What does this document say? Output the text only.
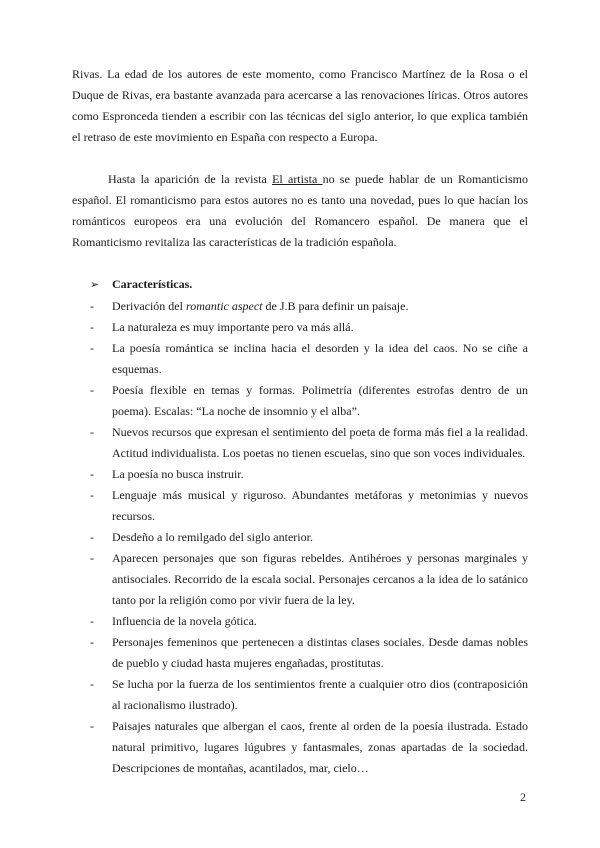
Rivas. La edad de los autores de este momento, como Francisco Martínez de la Rosa o el Duque de Rivas, era bastante avanzada para acercarse a las renovaciones líricas. Otros autores como Espronceda tienden a escribir con las técnicas del siglo anterior, lo que explica también el retraso de este movimiento en España con respecto a Europa.

Hasta la aparición de la revista El artista no se puede hablar de un Romanticismo español. El romanticismo para estos autores no es tanto una novedad, pues lo que hacían los románticos europeos era una evolución del Romancero español. De manera que el Romanticismo revitaliza las características de la tradición española.

➢ Características.
- Derivación del romantic aspect de J.B para definir un paisaje.
- La naturaleza es muy importante pero va más allá.
- La poesía romántica se inclina hacia el desorden y la idea del caos. No se ciñe a esquemas.
- Poesía flexible en temas y formas. Polimetría (diferentes estrofas dentro de un poema). Escalas: “La noche de insomnio y el alba”.
- Nuevos recursos que expresan el sentimiento del poeta de forma más fiel a la realidad. Actitud individualista. Los poetas no tienen escuelas, sino que son voces individuales.
- La poesía no busca instruir.
- Lenguaje más musical y riguroso. Abundantes metáforas y metonimias y nuevos recursos.
- Desdeño a lo remilgado del siglo anterior.
- Aparecen personajes que son figuras rebeldes. Antihéroes y personas marginales y antisociales. Recorrido de la escala social. Personajes cercanos a la idea de lo satánico tanto por la religión como por vivir fuera de la ley.
- Influencia de la novela gótica.
- Personajes femeninos que pertenecen a distintas clases sociales. Desde damas nobles de pueblo y ciudad hasta mujeres engañadas, prostitutas.
- Se lucha por la fuerza de los sentimientos frente a cualquier otro dios (contraposición al racionalismo ilustrado).
- Paisajes naturales que albergan el caos, frente al orden de la poesía ilustrada. Estado natural primitivo, lugares lúgubres y fantasmales, zonas apartadas de la sociedad. Descripciones de montañas, acantilados, mar, cielo…
2
